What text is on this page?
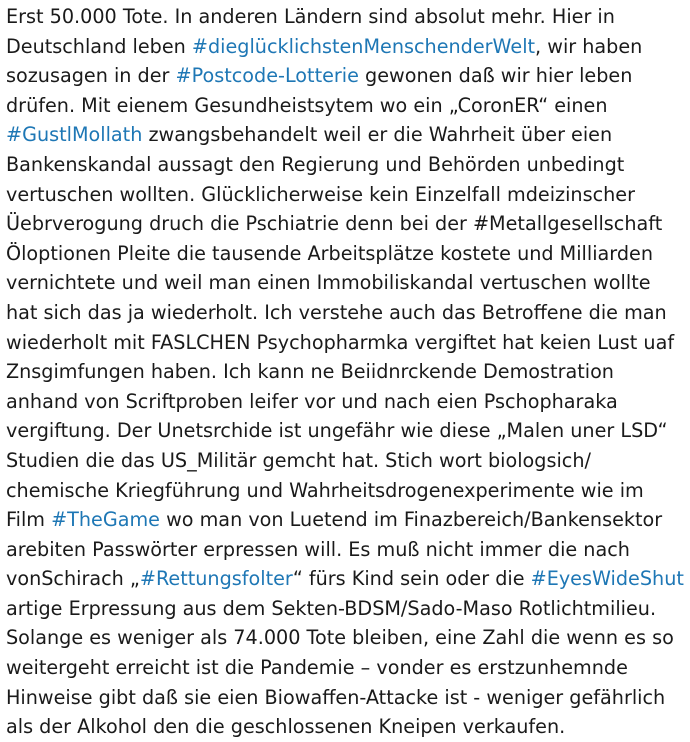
Erst 50.000 Tote. In anderen Ländern sind absolut mehr. Hier in
Deutschland leben #dieglücklichstenMenschenderWelt, wir haben
sozusagen in der #Postcode-Lotterie gewonen daß wir hier leben
drüfen. Mit eienem Gesundheistsytem wo ein „CoronER“ einen
#GustlMollath zwangsbehandelt weil er die Wahrheit über eien
Bankenskandal aussagt den Regierung und Behörden unbedingt
vertuschen wollten. Glücklicherweise kein Einzelfall mdeizinscher
Üebrverogung druch die Pschiatrie denn bei der #Metallgesellschaft
Öloptionen Pleite die tausende Arbeitsplätze kostete und Milliarden
vernichtete und weil man einen Immobiliskandal vertuschen wollte
hat sich das ja wiederholt. Ich verstehe auch das Betroffene die man
wiederholt mit FASLCHEN Psychopharmka vergiftet hat keien Lust uaf
Znsgimfungen haben. Ich kann ne Beiidnrckende Demostration
anhand von Scriftproben leifer vor und nach eien Pschopharaka
vergiftung. Der Unetsrchide ist ungefähr wie diese „Malen uner LSD“
Studien die das US_Militär gemcht hat. Stich wort biologsich/
chemische Kriegführung und Wahrheitsdrogenexperimente wie im
Film #TheGame wo man von Luetend im Finazbereich/Bankensektor
arebiten Passwörter erpressen will. Es muß nicht immer die nach
vonSchirach „#Rettungsfolter“ fürs Kind sein oder die #EyesWideShut
artige Erpressung aus dem Sekten-BDSM/Sado-Maso Rotlichtmilieu.
Solange es weniger als 74.000 Tote bleiben, eine Zahl die wenn es so
weitergeht erreicht ist die Pandemie – vonder es erstzunhemnde
Hinweise gibt daß sie eien Biowaffen-Attacke ist - weniger gefährlich
als der Alkohol den die geschlossenen Kneipen verkaufen.
